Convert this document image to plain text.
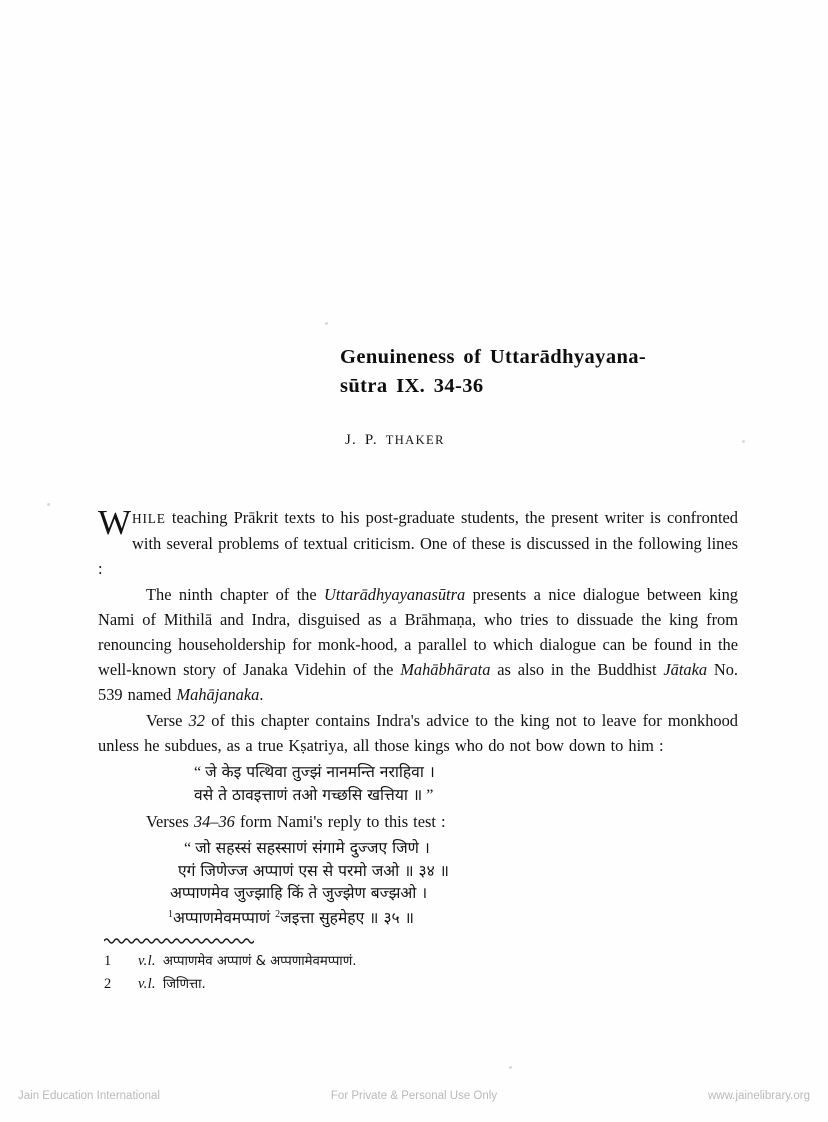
Genuineness of Uttarādhyayana-
sūtra IX. 34-36
J. P. THAKER

WHILE teaching Prākrit texts to his post-graduate students, the present writer is confronted with several problems of textual criticism. One of these is discussed in the following lines :

The ninth chapter of the Uttarādhyayanasūtra presents a nice dialogue between king Nami of Mithilā and Indra, disguised as a Brāhmaṇa, who tries to dissuade the king from renouncing householdership for monk-hood, a parallel to which dialogue can be found in the well-known story of Janaka Videhin of the Mahābhārata as also in the Buddhist Jātaka No. 539 named Mahājanaka.

Verse 32 of this chapter contains Indra's advice to the king not to leave for monkhood unless he subdues, as a true Kṣatriya, all those kings who do not bow down to him :

“ जे केइ पत्थिवा तुज्झं नानमन्ति नराहिवा ।
वसे ते ठावइत्ताणं तओ गच्छसि खत्तिया ॥ ”

Verses 34–36 form Nami's reply to this test :

“ जो सहस्सं सहस्साणं संगामे दुज्जए जिणे ।
एगं जिणेज्ज अप्पाणं एस से परमो जओ ॥ ३४ ॥
अप्पाणमेव जुज्झाहि किं ते जुज्झेण बज्झओ ।
$^1$अप्पाणमेवमप्पाणं $^2$जइत्ता सुहमेहए ॥ ३५ ॥
1	v.l. अप्पाणमेव अप्पाणं & अप्पणामेवमप्पाणं.
2	v.l. जिणित्ता.
Jain Education International	For Private & Personal Use Only	www.jainelibrary.org
